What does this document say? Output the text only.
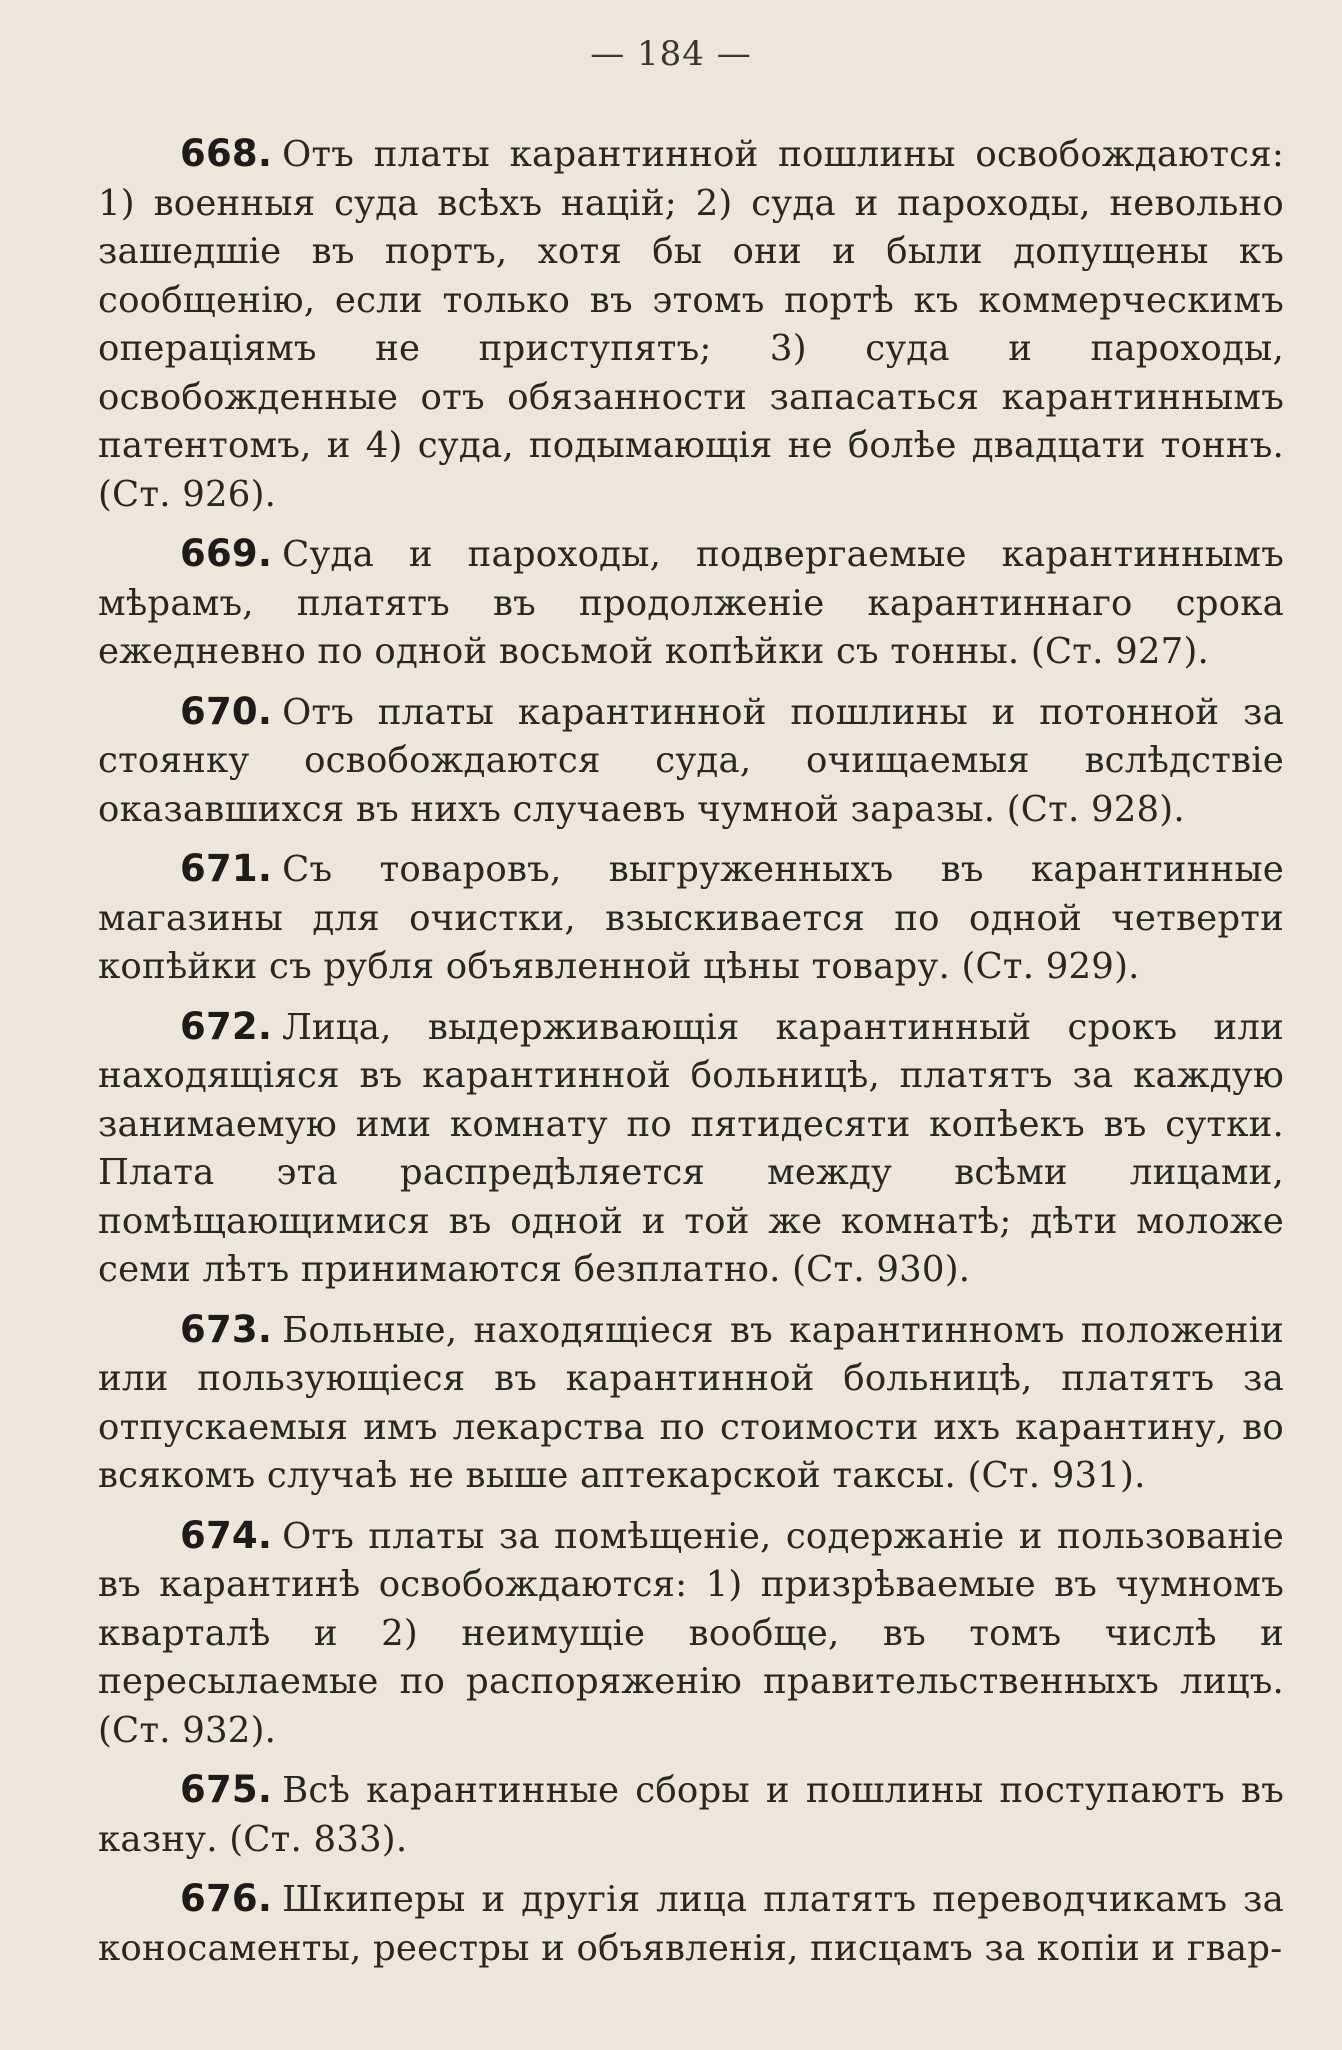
— 184 —

668. Отъ платы карантинной пошлины освобождаются: 1) военныя суда всѣхъ націй; 2) суда и пароходы, невольно зашедшіе въ портъ, хотя бы они и были допущены къ сообщенію, если только въ этомъ портѣ къ коммерческимъ операціямъ не приступятъ; 3) суда и пароходы, освобожденные отъ обязанности запасаться карантиннымъ патентомъ, и 4) суда, подымающія не болѣе двадцати тоннъ. (Ст. 926).

669. Суда и пароходы, подвергаемые карантиннымъ мѣрамъ, платятъ въ продолженіе карантиннаго срока ежедневно по одной восьмой копѣйки съ тонны. (Ст. 927).

670. Отъ платы карантинной пошлины и потонной за стоянку освобождаются суда, очищаемыя вслѣдствіе оказавшихся въ нихъ случаевъ чумной заразы. (Ст. 928).

671. Съ товаровъ, выгруженныхъ въ карантинные магазины для очистки, взыскивается по одной четверти копѣйки съ рубля объявленной цѣны товару. (Ст. 929).

672. Лица, выдерживающія карантинный срокъ или находящіяся въ карантинной больницѣ, платятъ за каждую занимаемую ими комнату по пятидесяти копѣекъ въ сутки. Плата эта распредѣляется между всѣми лицами, помѣщающимися въ одной и той же комнатѣ; дѣти моложе семи лѣтъ принимаются безплатно. (Ст. 930).

673. Больные, находящіеся въ карантинномъ положеніи или пользующіеся въ карантинной больницѣ, платятъ за отпускаемыя имъ лекарства по стоимости ихъ карантину, во всякомъ случаѣ не выше аптекарской таксы. (Ст. 931).

674. Отъ платы за помѣщеніе, содержаніе и пользованіе въ карантинѣ освобождаются: 1) призрѣваемые въ чумномъ кварталѣ и 2) неимущіе вообще, въ томъ числѣ и пересылаемые по распоряженію правительственныхъ лицъ. (Ст. 932).

675. Всѣ карантинные сборы и пошлины поступаютъ въ казну. (Ст. 833).

676. Шкиперы и другія лица платятъ переводчикамъ за коносаменты, реестры и объявленія, писцамъ за копіи и гвар-
